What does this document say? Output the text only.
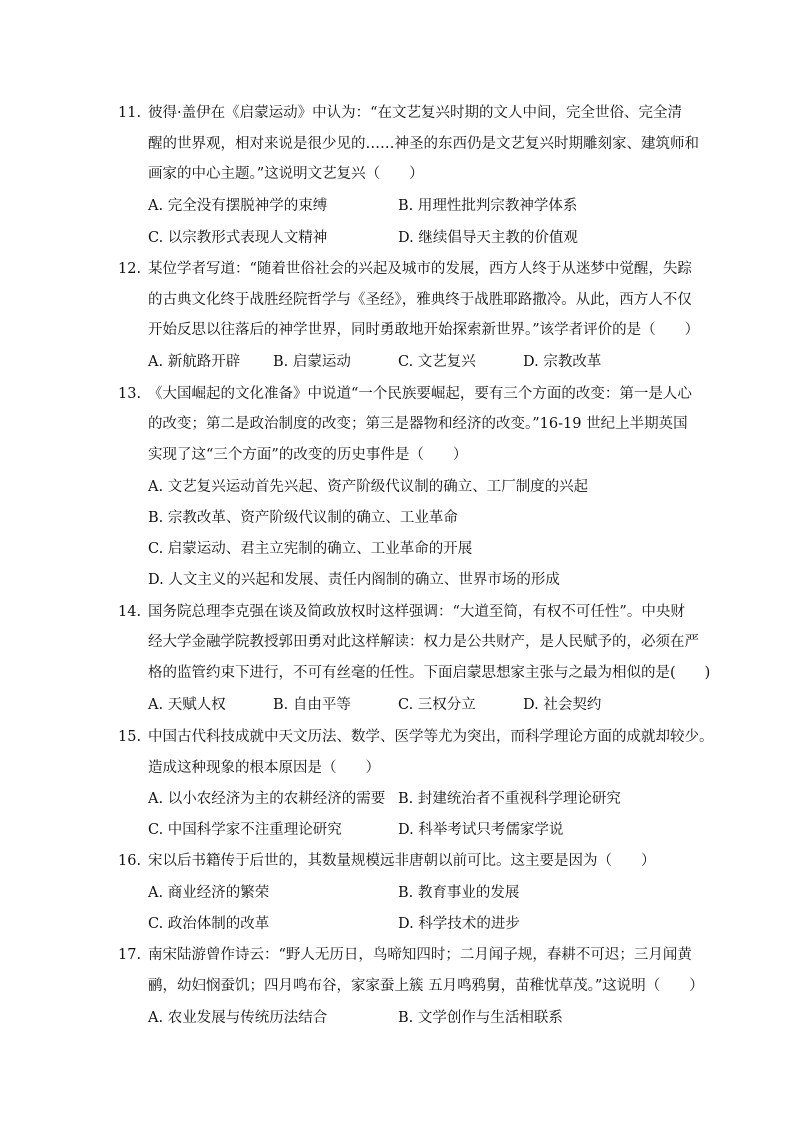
11. 彼得·盖伊在《启蒙运动》中认为：“在文艺复兴时期的文人中间，完全世俗、完全清
醒的世界观，相对来说是很少见的……神圣的东西仍是文艺复兴时期雕刻家、建筑师和
画家的中心主题。”这说明文艺复兴（　　）
A. 完全没有摆脱神学的束缚	B. 用理性批判宗教神学体系
C. 以宗教形式表现人文精神	D. 继续倡导天主教的价值观
12. 某位学者写道：“随着世俗社会的兴起及城市的发展，西方人终于从迷梦中觉醒，失踪
的古典文化终于战胜经院哲学与《圣经》，雅典终于战胜耶路撒冷。从此，西方人不仅
开始反思以往落后的神学世界，同时勇敢地开始探索新世界。”该学者评价的是（　　）
A. 新航路开辟 B. 启蒙运动	C. 文艺复兴	D. 宗教改革
13. 《大国崛起的文化准备》中说道“一个民族要崛起，要有三个方面的改变：第一是人心
的改变；第二是政治制度的改变；第三是器物和经济的改变。”16-19 世纪上半期英国
实现了这“三个方面”的改变的历史事件是（　　）
A. 文艺复兴运动首先兴起、资产阶级代议制的确立、工厂制度的兴起
B. 宗教改革、资产阶级代议制的确立、工业革命
C. 启蒙运动、君主立宪制的确立、工业革命的开展
D. 人文主义的兴起和发展、责任内阁制的确立、世界市场的形成
14. 国务院总理李克强在谈及简政放权时这样强调：“大道至简，有权不可任性”。中央财
经大学金融学院教授郭田勇对此这样解读：权力是公共财产，是人民赋予的，必须在严
格的监管约束下进行，不可有丝毫的任性。下面启蒙思想家主张与之最为相似的是(　　)
A. 天赋人权	B. 自由平等	C. 三权分立	D. 社会契约
15. 中国古代科技成就中天文历法、数学、医学等尤为突出，而科学理论方面的成就却较少。
造成这种现象的根本原因是（　　）
A. 以小农经济为主的农耕经济的需要 B. 封建统治者不重视科学理论研究
C. 中国科学家不注重理论研究	D. 科举考试只考儒家学说
16. 宋以后书籍传于后世的，其数量规模远非唐朝以前可比。这主要是因为（　　）
A. 商业经济的繁荣	B. 教育事业的发展
C. 政治体制的改革	D. 科学技术的进步
17. 南宋陆游曾作诗云：“野人无历日，鸟啼知四时；二月闻子规，春耕不可迟；三月闻黄
鹂，幼妇悯蚕饥；四月鸣布谷，家家蚕上簇 五月鸣鸦舅，苗稚忧草茂。”这说明（　　）
A. 农业发展与传统历法结合	B. 文学创作与生活相联系
